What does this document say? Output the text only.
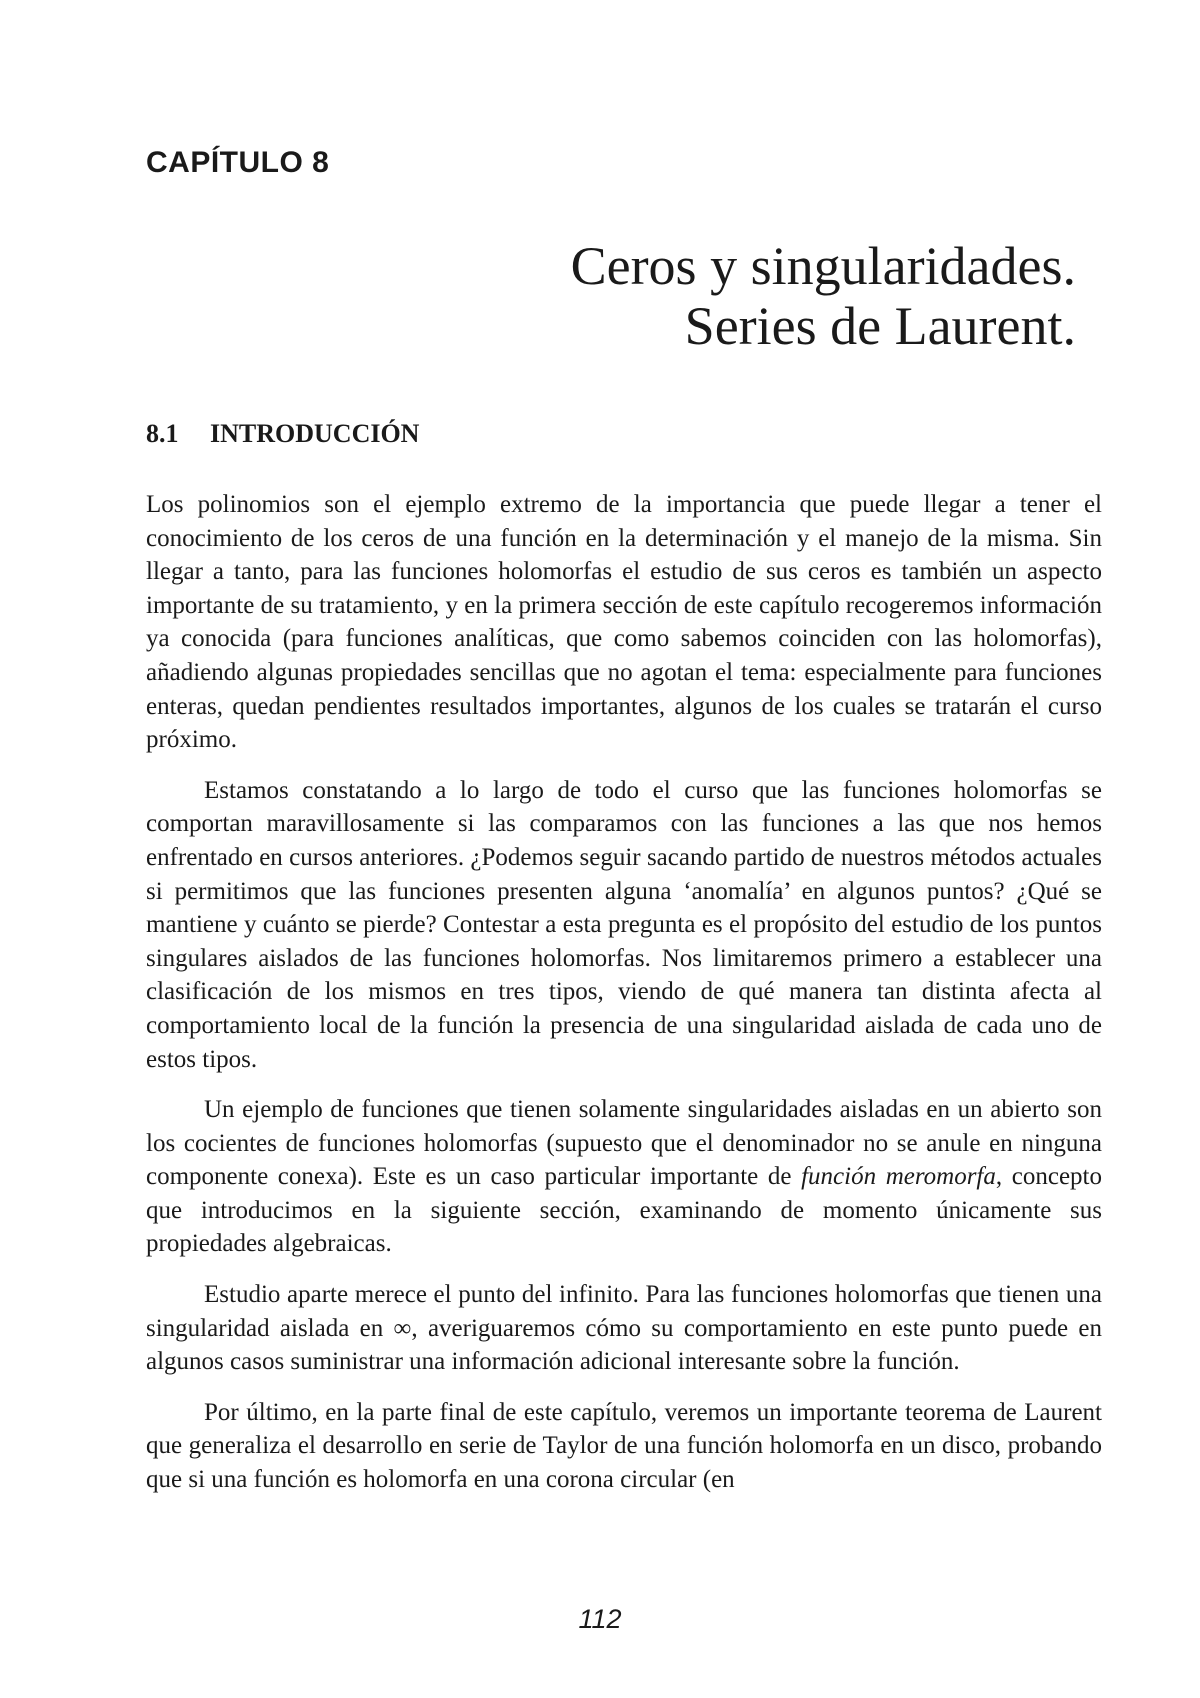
CAPÍTULO 8
Ceros y singularidades.
Series de Laurent.
8.1 INTRODUCCIÓN

Los polinomios son el ejemplo extremo de la importancia que puede llegar a tener el conocimiento de los ceros de una función en la determinación y el manejo de la misma. Sin llegar a tanto, para las funciones holomorfas el estudio de sus ceros es también un aspecto importante de su tratamiento, y en la primera sección de este capítulo recogeremos información ya conocida (para funciones analíticas, que como sabemos coinciden con las holomorfas), añadiendo algunas propiedades sencillas que no agotan el tema: especialmente para funciones enteras, quedan pendientes resultados importantes, algunos de los cuales se tratarán el curso próximo.

Estamos constatando a lo largo de todo el curso que las funciones holomorfas se comportan maravillosamente si las comparamos con las funciones a las que nos hemos enfrentado en cursos anteriores. ¿Podemos seguir sacando partido de nuestros métodos actuales si permitimos que las funciones presenten alguna ‘anomalía’ en algunos puntos? ¿Qué se mantiene y cuánto se pierde? Contestar a esta pregunta es el propósito del estudio de los puntos singulares aislados de las funciones holomorfas. Nos limitaremos primero a establecer una clasificación de los mismos en tres tipos, viendo de qué manera tan distinta afecta al comportamiento local de la función la presencia de una singularidad aislada de cada uno de estos tipos.

Un ejemplo de funciones que tienen solamente singularidades aisladas en un abierto son los cocientes de funciones holomorfas (supuesto que el denominador no se anule en ninguna componente conexa). Este es un caso particular importante de función meromorfa, concepto que introducimos en la siguiente sección, examinando de momento únicamente sus propiedades algebraicas.

Estudio aparte merece el punto del infinito. Para las funciones holomorfas que tienen una singularidad aislada en ∞, averiguaremos cómo su comportamiento en este punto puede en algunos casos suministrar una información adicional interesante sobre la función.

Por último, en la parte final de este capítulo, veremos un importante teorema de Laurent que generaliza el desarrollo en serie de Taylor de una función holomorfa en un disco, probando que si una función es holomorfa en una corona circular (en

112
